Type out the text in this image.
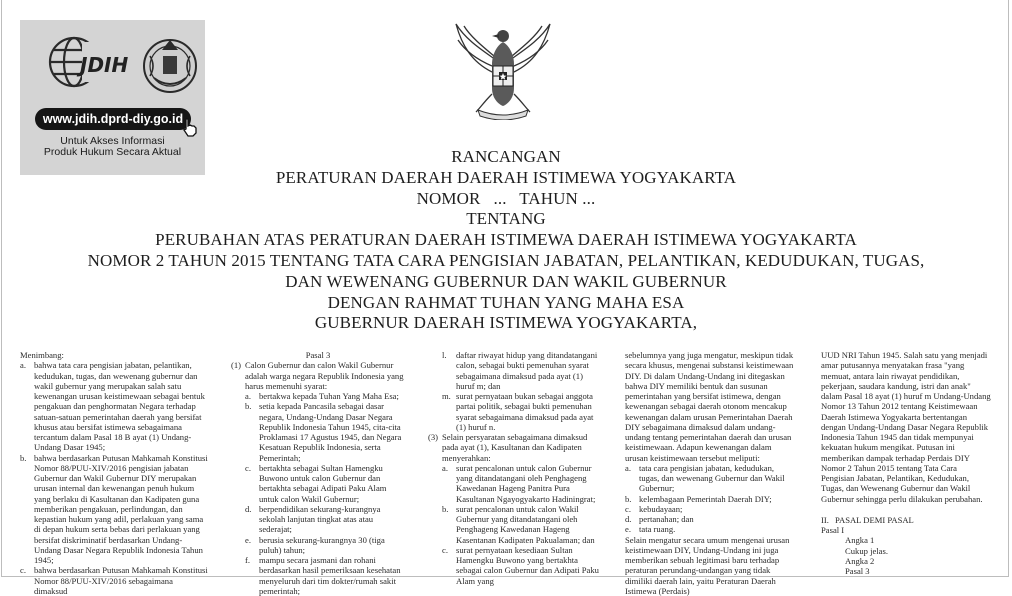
JDIH
www.jdih.dprd-diy.go.id
Untuk Akses Informasi
Produk Hukum Secara Aktual	RANCANGAN
PERATURAN DAERAH DAERAH ISTIMEWA YOGYAKARTA
NOMOR   ...   TAHUN ...
TENTANG
PERUBAHAN ATAS PERATURAN DAERAH ISTIMEWA DAERAH ISTIMEWA YOGYAKARTA
NOMOR 2 TAHUN 2015 TENTANG TATA CARA PENGISIAN JABATAN, PELANTIKAN, KEDUDUKAN, TUGAS,
DAN WEWENANG GUBERNUR DAN WAKIL GUBERNUR
DENGAN RAHMAT TUHAN YANG MAHA ESA
GUBERNUR DAERAH ISTIMEWA YOGYAKARTA,

Menimbang:

a. bahwa tata cara pengisian jabatan, pelantikan, kedudukan, tugas, dan wewenang gubernur dan wakil gubernur yang merupakan salah satu kewenangan urusan keistimewaan sebagai bentuk pengakuan dan penghormatan Negara terhadap satuan-satuan pemerintahan daerah yang bersifat khusus atau bersifat istimewa sebagaimana tercantum dalam Pasal 18 B ayat (1) Undang-Undang Dasar 1945;

b. bahwa berdasarkan Putusan Mahkamah Konstitusi Nomor 88/PUU-XIV/2016 pengisian jabatan Gubernur dan Wakil Gubernur DIY merupakan urusan internal dan kewenangan penuh hukum yang berlaku di Kasultanan dan Kadipaten guna memberikan pengakuan, perlindungan, dan kepastian hukum yang adil, perlakuan yang sama di depan hukum serta bebas dari perlakuan yang bersifat diskriminatif berdasarkan Undang-Undang Dasar Negara Republik Indonesia Tahun 1945;

c. bahwa berdasarkan Putusan Mahkamah Konstitusi Nomor 88/PUU-XIV/2016 sebagaimana dimaksud

Pasal 3

(1) Calon Gubernur dan calon Wakil Gubernur adalah warga negara Republik Indonesia yang harus memenuhi syarat:

a. bertakwa kepada Tuhan Yang Maha Esa;

b. setia kepada Pancasila sebagai dasar negara, Undang-Undang Dasar Negara Republik Indonesia Tahun 1945, cita-cita Proklamasi 17 Agustus 1945, dan Negara Kesatuan Republik Indonesia, serta Pemerintah;

c. bertakhta sebagai Sultan Hamengku Buwono untuk calon Gubernur dan bertakhta sebagai Adipati Paku Alam untuk calon Wakil Gubernur;

d. berpendidikan sekurang-kurangnya sekolah lanjutan tingkat atas atau sederajat;

e. berusia sekurang-kurangnya 30 (tiga puluh) tahun;

f. mampu secara jasmani dan rohani berdasarkan hasil pemeriksaan kesehatan menyeluruh dari tim dokter/rumah sakit pemerintah;

l. daftar riwayat hidup yang ditandatangani calon, sebagai bukti pemenuhan syarat sebagaimana dimaksud pada ayat (1) huruf m; dan

m. surat pernyataan bukan sebagai anggota partai politik, sebagai bukti pemenuhan syarat sebagaimana dimaksud pada ayat (1) huruf n.

(3) Selain persyaratan sebagaimana dimaksud pada ayat (1), Kasultanan dan Kadipaten menyerahkan:

a. surat pencalonan untuk calon Gubernur yang ditandatangani oleh Penghageng Kawedanan Hageng Panitra Pura Kasultanan Ngayogyakarto Hadiningrat;

b. surat pencalonan untuk calon Wakil Gubernur yang ditandatangani oleh Penghageng Kawedanan Hageng Kasentanan Kadipaten Pakualaman; dan

c. surat pernyataan kesediaan Sultan Hamengku Buwono yang bertakhta sebagai calon Gubernur dan Adipati Paku Alam yang

sebelumnya yang juga mengatur, meskipun tidak secara khusus, mengenai substansi keistimewaan DIY. Di dalam Undang-Undang ini ditegaskan bahwa DIY memiliki bentuk dan susunan pemerintahan yang bersifat istimewa, dengan kewenangan sebagai daerah otonom mencakup kewenangan dalam urusan Pemerintahan Daerah DIY sebagaimana dimaksud dalam undang-undang tentang pemerintahan daerah dan urusan keistimewaan. Adapun kewenangan dalam urusan keistimewaan tersebut meliputi:

a. tata cara pengisian jabatan, kedudukan, tugas, dan wewenang Gubernur dan Wakil Gubernur;

b. kelembagaan Pemerintah Daerah DIY;

c. kebudayaan;

d. pertanahan; dan

e. tata ruang.

Selain mengatur secara umum mengenai urusan keistimewaan DIY, Undang-Undang ini juga memberikan sebuah legitimasi baru terhadap peraturan perundang-undangan yang tidak dimiliki daerah lain, yaitu Peraturan Daerah Istimewa (Perdais)

UUD NRI Tahun 1945. Salah satu yang menjadi amar putusannya menyatakan frasa "yang memuat, antara lain riwayat pendidikan, pekerjaan, saudara kandung, istri dan anak" dalam Pasal 18 ayat (1) huruf m Undang-Undang Nomor 13 Tahun 2012 tentang Keistimewaan Daerah Istimewa Yogyakarta bertentangan dengan Undang-Undang Dasar Negara Republik Indonesia Tahun 1945 dan tidak mempunyai kekuatan hukum mengikat. Putusan ini memberikan dampak terhadap Perdais DIY Nomor 2 Tahun 2015 tentang Tata Cara Pengisian Jabatan, Pelantikan, Kedudukan, Tugas, dan Wewenang Gubernur dan Wakil Gubernur sehingga perlu dilakukan perubahan.

II. PASAL DEMI PASAL

Pasal I

Angka 1

Cukup jelas.

Angka 2

Pasal 3
